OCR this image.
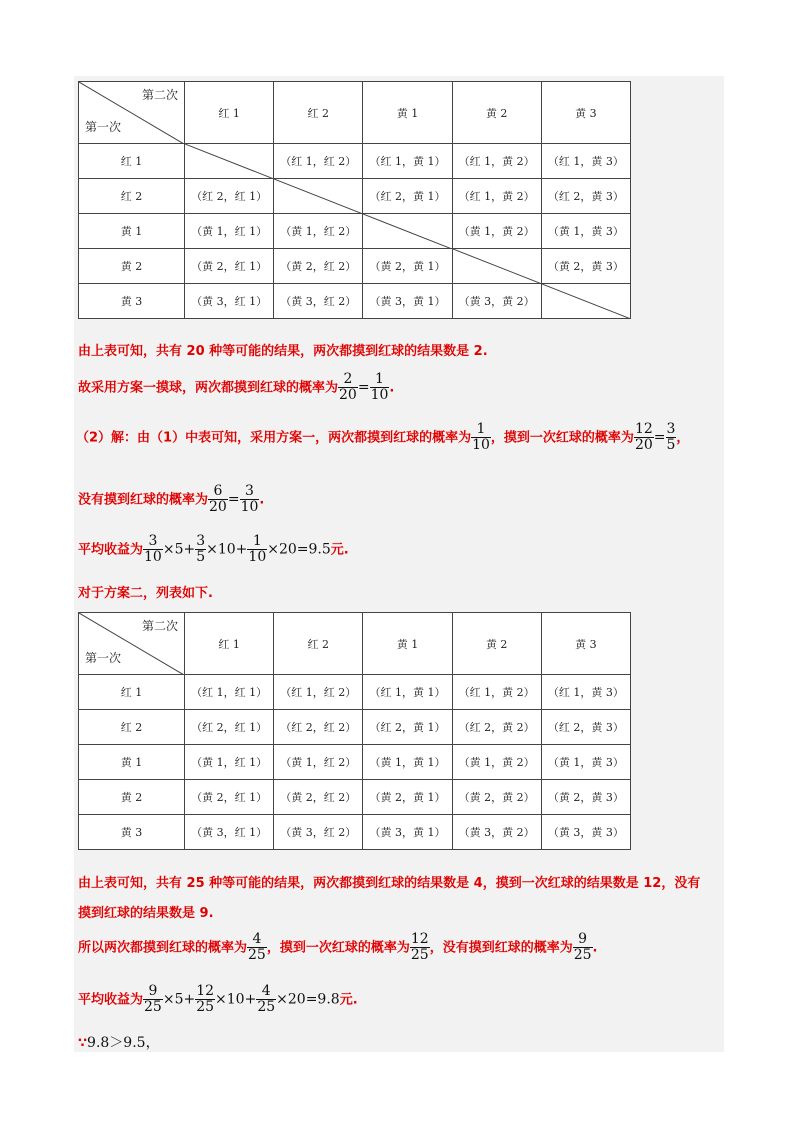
第二次
第一次	红 1	红 2	黄 1	黄 2	黄 3
红 1		（红 1，红 2）	（红 1，黄 1）	（红 1，黄 2）	（红 1，黄 3）
红 2	（红 2，红 1）		（红 2，黄 1）	（红 1，黄 2）	（红 2，黄 3）
黄 1	（黄 1，红 1）	（黄 1，红 2）		（黄 1，黄 2）	（黄 1，黄 3）
黄 2	（黄 2，红 1）	（黄 2，红 2）	（黄 2，黄 1）		（黄 2，黄 3）
黄 3	（黄 3，红 1）	（黄 3，红 2）	（黄 3，黄 1）	（黄 3，黄 2）	
由上表可知，共有 20 种等可能的结果，两次都摸到红球的结果数是 2.
故采用方案一摸球，两次都摸到红球的概率为 $\frac{2}{20} = \frac{1}{10}$ .
（2）解：由（1）中表可知，采用方案一，两次都摸到红球的概率为 $\frac{1}{10}$ ，摸到一次红球的概率为 $\frac{12}{20} = \frac{3}{5}$ ，
没有摸到红球的概率为 $\frac{6}{20} = \frac{3}{10}$ .
平均收益为 $\frac{3}{10} \times 5+ \frac{3}{5} \times 10+ \frac{1}{10} \times 20=9.5$元.
对于方案二，列表如下.
第二次
第一次	红 1	红 2	黄 1	黄 2	黄 3
红 1	（红 1，红 1）	（红 1，红 2）	（红 1，黄 1）	（红 1，黄 2）	（红 1，黄 3）
红 2	（红 2，红 1）	（红 2，红 2）	（红 2，黄 1）	（红 2，黄 2）	（红 2，黄 3）
黄 1	（黄 1，红 1）	（黄 1，红 2）	（黄 1，黄 1）	（黄 1，黄 2）	（黄 1，黄 3）
黄 2	（黄 2，红 1）	（黄 2，红 2）	（黄 2，黄 1）	（黄 2，黄 2）	（黄 2，黄 3）
黄 3	（黄 3，红 1）	（黄 3，红 2）	（黄 3，黄 1）	（黄 3，黄 2）	（黄 3，黄 3）
由上表可知，共有 25 种等可能的结果，两次都摸到红球的结果数是 4，摸到一次红球的结果数是 12，没有
摸到红球的结果数是 9.
所以两次都摸到红球的概率为 $\frac{4}{25}$ ，摸到一次红球的概率为 $\frac{12}{25}$ ，没有摸到红球的概率为 $\frac{9}{25}$ .
平均收益为 $\frac{9}{25} \times 5+ \frac{12}{25} \times 10+ \frac{4}{25} \times 20=9.8$元.
∵9.8＞9.5，
